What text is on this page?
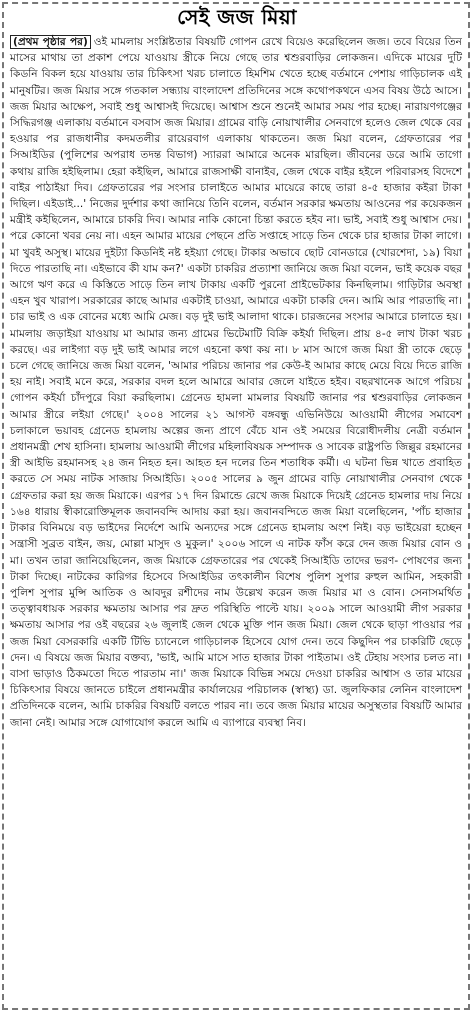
সেই জজ মিয়া
(প্রথম পৃষ্ঠার পর) ওই মামলায় সংশ্লিষ্টতার বিষয়টি গোপন রেখে বিয়েও করেছিলেন জজ। তবে বিয়ের তিন মাসের মাথায় তা প্রকাশ পেয়ে যাওয়ায় স্ত্রীকে নিয়ে গেছে তার শ্বশুরবাড়ির লোকজন। এদিকে মায়ের দুটি কিডনি বিকল হয়ে যাওয়ায় তার চিকিৎসা খরচ চালাতে হিমশিম খেতে হচ্ছে বর্তমানে পেশায় গাড়িচালক এই মানুষটির। জজ মিয়ার সঙ্গে গতকাল সন্ধ্যায় বাংলাদেশ প্রতিদিনের সঙ্গে কথোপকথনে এসব বিষয় উঠে আসে। জজ মিয়ার আক্ষেপ, সবাই শুধু আশ্বাসই দিয়েছে। আশ্বাস শুনে শুনেই আমার সময় পার হচ্ছে। নারায়ণগঞ্জের সিদ্ধিরগঞ্জ এলাকায় বর্তমানে বসবাস জজ মিয়ার। গ্রামের বাড়ি নোয়াখালীর সেনবাগে হলেও জেল থেকে বের হওয়ার পর রাজধানীর কদমতলীর রায়েরবাগ এলাকায় থাকতেন। জজ মিয়া বলেন, গ্রেফতারের পর সিআইডির (পুলিশের অপরাধ তদন্ত বিভাগ) স্যাররা আমারে অনেক মারছিল। জীবনের ডরে আমি তাগো কথায় রাজি হইছিলাম। হেরা কইছিল, আমারে রাজসাক্ষী বানাইব, জেল থেকে বাইর হইলে পরিবারসহ বিদেশে বাইর পাঠাইয়া দিব। গ্রেফতারের পর সংসার চালাইতে আমার মায়েরে কাছে তারা ৪-৫ হাজার কইরা টাকা দিছিল। এইডাই...' নিজের দুর্দশার কথা জানিয়ে তিনি বলেন, বর্তমান সরকার ক্ষমতায় আওনের পর কয়েকজন মন্ত্রীই কইছিলেন, আমারে চাকরি দিব। আমার নাকি কোনো চিন্তা করতে হইব না। ভাই, সবাই শুধু আশ্বাস দেয়। পরে কোনো খবর নেয় না। এহন আমার মায়ের পেছনে প্রতি সপ্তাহে সাড়ে তিন থেকে চার হাজার টাকা লাগে। মা খুবই অসুস্থ। মায়ের দুইট্যা কিডনিই নষ্ট হইয়্যা গেছে। টাকার অভাবে ছোট বোনডারে (খোরশেদা, ১৯) বিয়া দিতে পারতাছি না। এইভাবে কী যাম কন?' একটা চাকরির প্রত্যাশা জানিয়ে জজ মিয়া বলেন, ভাই কয়েক বছর আগে ঋণ করে এ কিস্তিতে সাড়ে তিন লাখ টাকায় একটি পুরনো প্রাইভেটকার কিনছিলাম। গাড়িটার অবস্থা এহন খুব খারাপ। সরকারের কাছে আমার একটাই চাওয়া, আমারে একটা চাকরি দেন। আমি আর পারতাছি না। চার ভাই ও এক বোনের মধ্যে আমি মেজ। বড় দুই ভাই আলাদা থাকে। চারজনের সংসার আমারে চালাতে হয়। মামলায় জড়াইয়া যাওয়ায় মা আমার জন্য গ্রামের ভিটেমাটি বিক্রি কইর্যা দিছিল। প্রায় ৪-৫ লাখ টাকা খরচ করছে। এর লাইগ্যা বড় দুই ভাই আমার লগে এহনো কথা কয় না। ৮ মাস আগে জজ মিয়া স্ত্রী তাকে ছেড়ে চলে গেছে জানিয়ে জজ মিয়া বলেন, 'আমার পরিচয় জানার পর কেউ-ই আমার কাছে মেয়ে বিয়ে দিতে রাজি হয় নাই। সবাই মনে করে, সরকার বদল হলে আমারে আবার জেলে যাইতে হইব। বছরখানেক আগে পরিচয় গোপন কইর্যা চাঁদপুরে বিয়া করছিলাম। গ্রেনেড হামলা মামলার বিষয়টি জানার পর শ্বশুরবাড়ির লোকজন আমার স্ত্রীরে লইয়া গেছে।' ২০০৪ সালের ২১ আগস্ট বঙ্গবন্ধু এভিনিউয়ে আওয়ামী লীগের সমাবেশ চলাকালে ভয়াবহ গ্রেনেড হামলায় অল্পের জন্য প্রাণে বেঁচে যান ওই সময়ের বিরোধীদলীয় নেত্রী বর্তমান প্রধানমন্ত্রী শেখ হাসিনা। হামলায় আওয়ামী লীগের মহিলাবিষয়ক সম্পাদক ও সাবেক রাষ্ট্রপতি জিল্লুর রহমানের স্ত্রী আইভি রহমানসহ ২৪ জন নিহত হন। আহত হন দলের তিন শতাধিক কর্মী। এ ঘটনা ভিন্ন খাতে প্রবাহিত করতে সে সময় নাটক সাজায় সিআইডি। ২০০৫ সালের ৯ জুন গ্রামের বাড়ি নোয়াখালীর সেনবাগ থেকে গ্রেফতার করা হয় জজ মিয়াকে। এরপর ১৭ দিন রিমান্ডে রেখে জজ মিয়াকে দিয়েই গ্রেনেড হামলার দায় নিয়ে ১৬৪ ধারায় স্বীকারোক্তিমূলক জবানবন্দি আদায় করা হয়। জবানবন্দিতে জজ মিয়া বলেছিলেন, 'পাঁচ হাজার টাকার বিনিময়ে বড় ভাইদের নির্দেশে আমি অন্যদের সঙ্গে গ্রেনেড হামলায় অংশ নিই। বড় ভাইয়েরা হচ্ছেন সন্ত্রাসী সুব্রত বাইন, জয়, মোল্লা মাসুদ ও মুকুল।' ২০০৬ সালে এ নাটক ফাঁস করে দেন জজ মিয়ার বোন ও মা। তখন তারা জানিয়েছিলেন, জজ মিয়াকে গ্রেফতারের পর থেকেই সিআইডি তাদের ভরণ- পোষণের জন্য টাকা দিচ্ছে। নাটকের কারিগর হিসেবে সিআইডির তৎকালীন বিশেষ পুলিশ সুপার রুহুল আমিন, সহকারী পুলিশ সুপার মুন্সি আতিক ও আবদুর রশীদের নাম উল্লেখ করেন জজ মিয়ার মা ও বোন। সেনাসমর্থিত তত্ত্বাবধায়ক সরকার ক্ষমতায় আসার পর দ্রুত পরিস্থিতি পাল্টে যায়। ২০০৯ সালে আওয়ামী লীগ সরকার ক্ষমতায় আসার পর ওই বছরের ২৬ জুলাই জেল থেকে মুক্তি পান জজ মিয়া। জেল থেকে ছাড়া পাওয়ার পর জজ মিয়া বেসরকারি একটি টিভি চ্যানেলে গাড়িচালক হিসেবে যোগ দেন। তবে কিছুদিন পর চাকরিটি ছেড়ে দেন। এ বিষয়ে জজ মিয়ার বক্তব্য, 'ভাই, আমি মাসে সাত হাজার টাকা পাইতাম। ওই টেহায় সংসার চলত না। বাসা ভাড়াও ঠিকমতো দিতে পারতাম না।' জজ মিয়াকে বিভিন্ন সময়ে দেওয়া চাকরির আশ্বাস ও তার মায়ের চিকিৎসার বিষয়ে জানতে চাইলে প্রধানমন্ত্রীর কার্যালয়ের পরিচালক (স্বাস্থ্য) ডা. জুলফিকার লেনিন বাংলাদেশ প্রতিদিনকে বলেন, আমি চাকরির বিষয়টি বলতে পারব না। তবে জজ মিয়ার মায়ের অসুস্থতার বিষয়টি আমার জানা নেই। আমার সঙ্গে যোগাযোগ করলে আমি এ ব্যাপারে ব্যবস্থা নিব।
